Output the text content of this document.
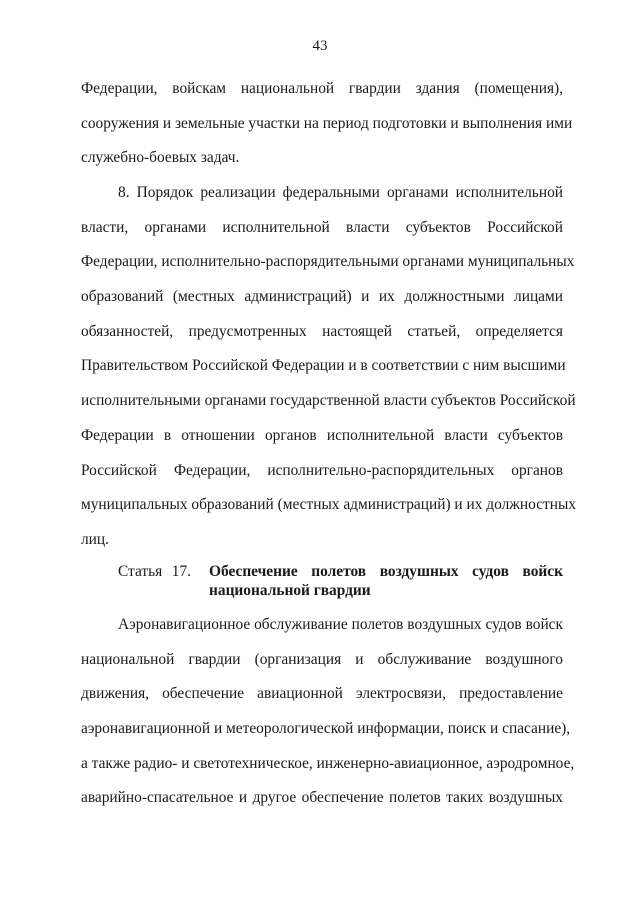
43
Федерации, войскам национальной гвардии здания (помещения),
сооружения и земельные участки на период подготовки и выполнения ими
служебно-боевых задач.
8. Порядок реализации федеральными органами исполнительной
власти, органами исполнительной власти субъектов Российской
Федерации, исполнительно-распорядительными органами муниципальных
образований (местных администраций) и их должностными лицами
обязанностей, предусмотренных настоящей статьей, определяется
Правительством Российской Федерации и в соответствии с ним высшими
исполнительными органами государственной власти субъектов Российской
Федерации в отношении органов исполнительной власти субъектов
Российской Федерации, исполнительно-распорядительных органов
муниципальных образований (местных администраций) и их должностных
лиц.
Статья 17. Обеспечение полетов воздушных судов войск
национальной гвардии
Аэронавигационное обслуживание полетов воздушных судов войск
национальной гвардии (организация и обслуживание воздушного
движения, обеспечение авиационной электросвязи, предоставление
аэронавигационной и метеорологической информации, поиск и спасание),
а также радио- и светотехническое, инженерно-авиационное, аэродромное,
аварийно-спасательное и другое обеспечение полетов таких воздушных
